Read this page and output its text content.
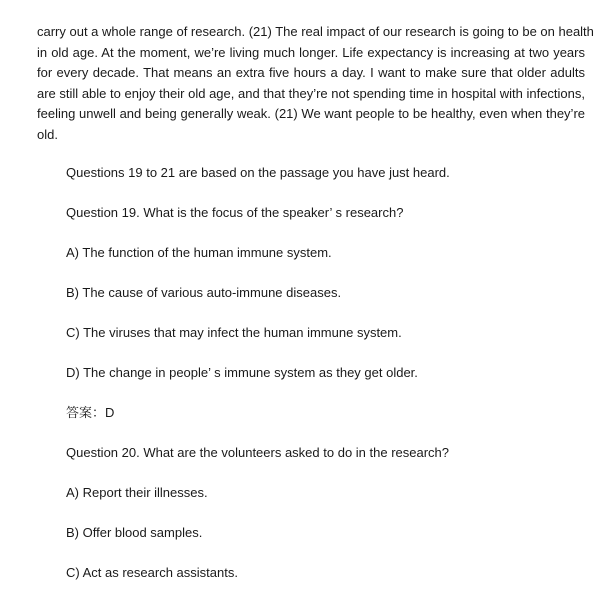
carry out a whole range of research. (21) The real impact of our research is going to be on health
in old age. At the moment, we’re living much longer. Life expectancy is increasing at two years
for every decade. That means an extra five hours a day. I want to make sure that older adults
are still able to enjoy their old age, and that they’re not spending time in hospital with infections,
feeling unwell and being generally weak. (21) We want people to be healthy, even when they’re
old.
Questions 19 to 21 are based on the passage you have just heard.
Question 19. What is the focus of the speaker’ s research?
A) The function of the human immune system.
B) The cause of various auto-immune diseases.
C) The viruses that may infect the human immune system.
D) The change in people’ s immune system as they get older.
答案：D
Question 20. What are the volunteers asked to do in the research?
A) Report their illnesses.
B) Offer blood samples.
C) Act as research assistants.
